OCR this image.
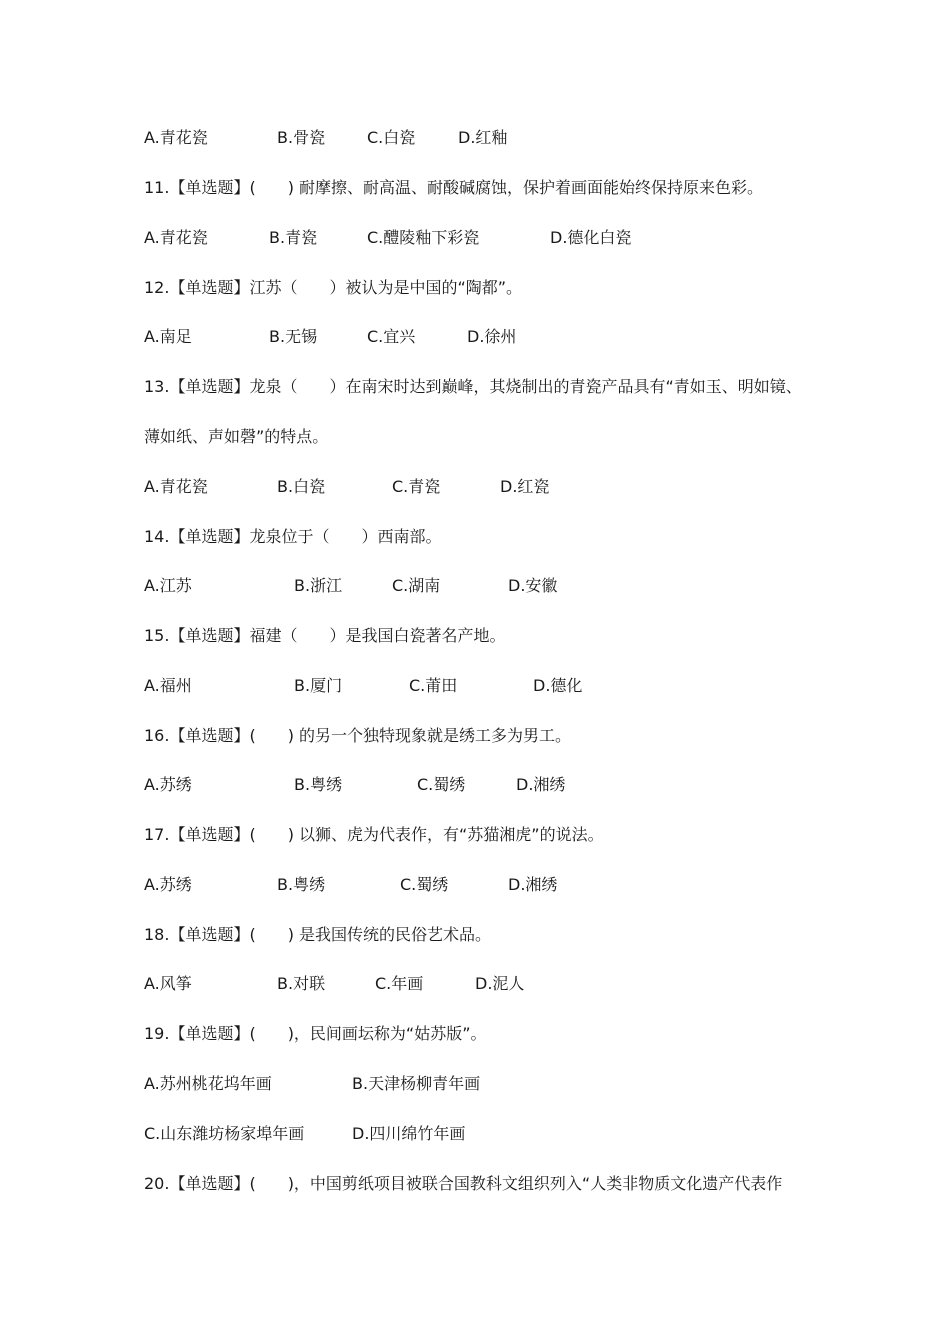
A.青花瓷	B.骨瓷	C.白瓷	D.红釉
11.【单选题】(　　) 耐摩擦、耐高温、耐酸碱腐蚀，保护着画面能始终保持原来色彩。
A.青花瓷	B.青瓷	C.醴陵釉下彩瓷	D.德化白瓷
12.【单选题】江苏（　　）被认为是中国的“陶都”。
A.南足	B.无锡	C.宜兴	D.徐州
13.【单选题】龙泉（　　）在南宋时达到巅峰，其烧制出的青瓷产品具有“青如玉、明如镜、
薄如纸、声如磬”的特点。
A.青花瓷	B.白瓷	C.青瓷	D.红瓷
14.【单选题】龙泉位于（　　）西南部。
A.江苏	B.浙江	C.湖南	D.安徽
15.【单选题】福建（　　）是我国白瓷著名产地。
A.福州	B.厦门	C.莆田	D.德化
16.【单选题】(　　) 的另一个独特现象就是绣工多为男工。
A.苏绣	B.粤绣	C.蜀绣	D.湘绣
17.【单选题】(　　) 以狮、虎为代表作，有“苏猫湘虎”的说法。
A.苏绣	B.粤绣	C.蜀绣	D.湘绣
18.【单选题】(　　) 是我国传统的民俗艺术品。
A.风筝	B.对联	C.年画	D.泥人
19.【单选题】(　　)，民间画坛称为“姑苏版”。
A.苏州桃花坞年画	B.天津杨柳青年画
C.山东潍坊杨家埠年画	D.四川绵竹年画
20.【单选题】(　　)，中国剪纸项目被联合国教科文组织列入“人类非物质文化遗产代表作
